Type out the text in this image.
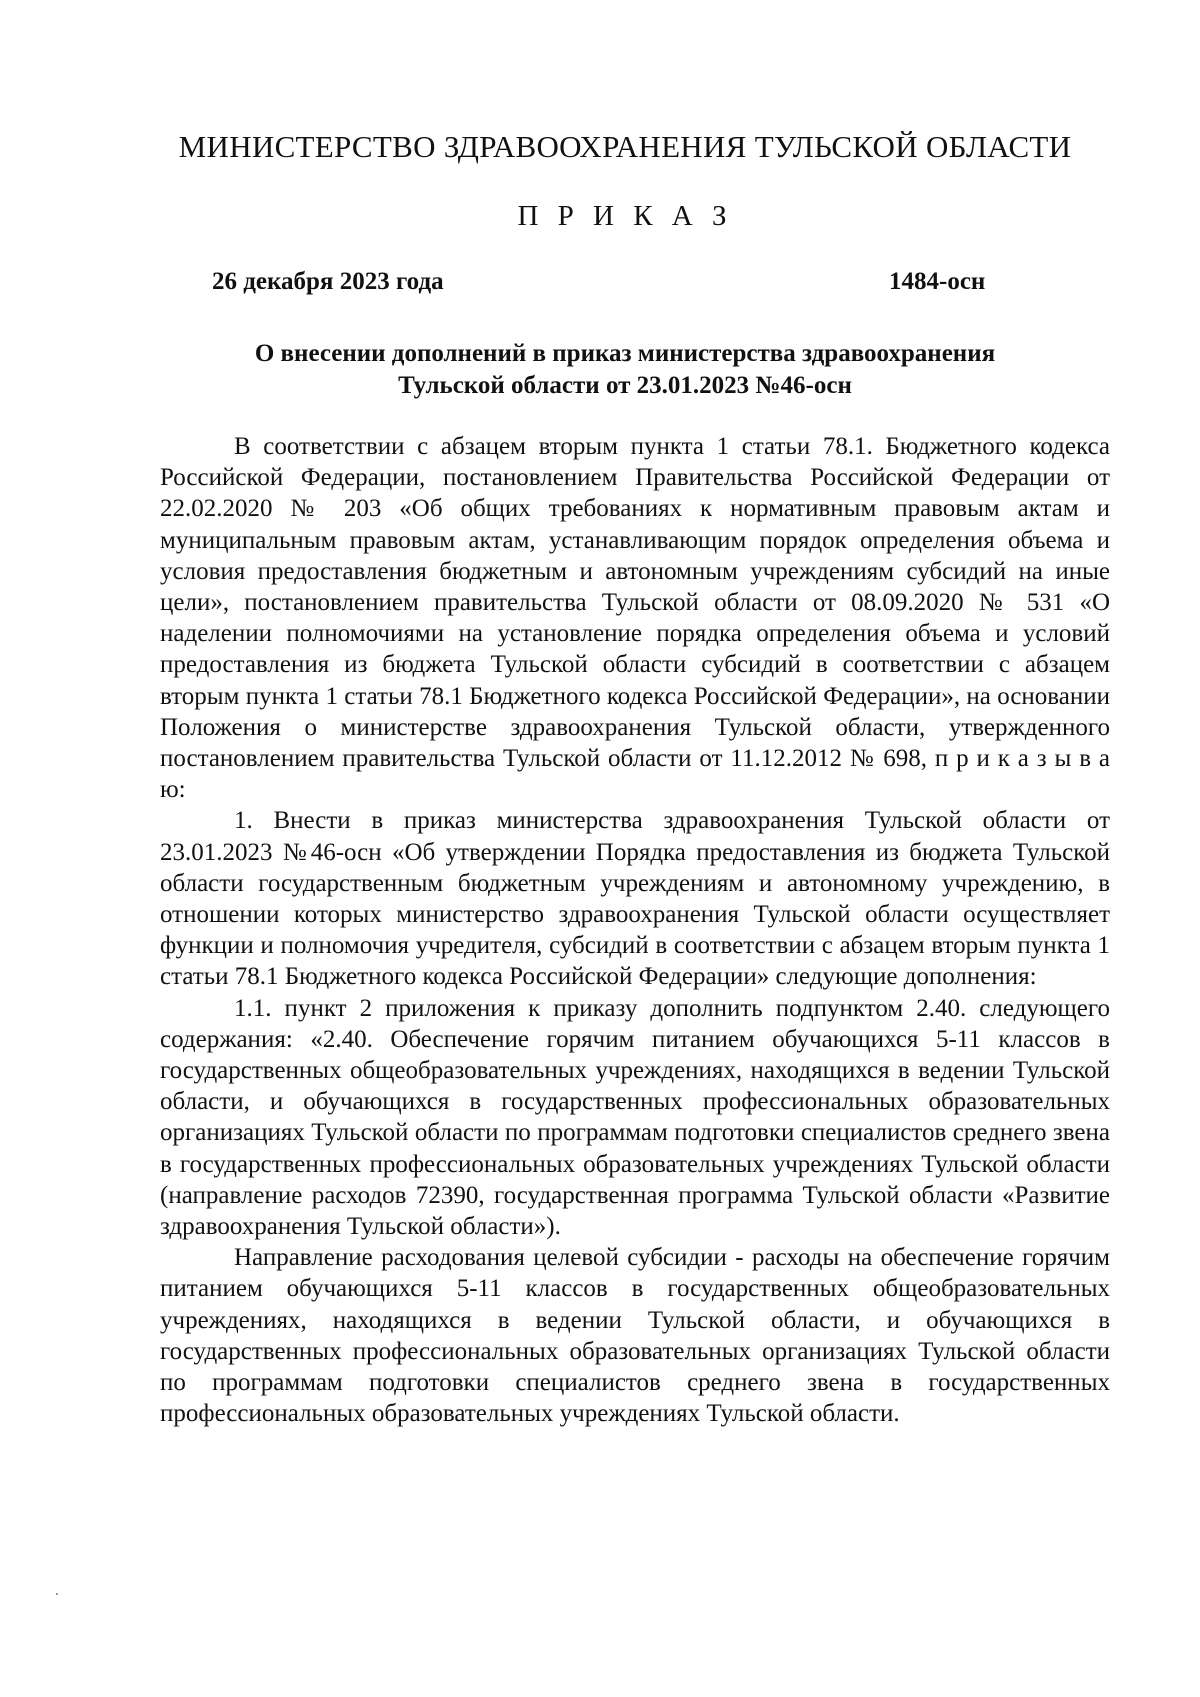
МИНИСТЕРСТВО ЗДРАВООХРАНЕНИЯ ТУЛЬСКОЙ ОБЛАСТИ
П Р И К А З
26 декабря 2023 года	1484-осн
О внесении дополнений в приказ министерства здравоохранения
Тульской области от 23.01.2023 №46-осн

В соответствии с абзацем вторым пункта 1 статьи 78.1. Бюджетного кодекса Российской Федерации, постановлением Правительства Российской Федерации от 22.02.2020 № 203 «Об общих требованиях к нормативным правовым актам и муниципальным правовым актам, устанавливающим порядок определения объема и условия предоставления бюджетным и автономным учреждениям субсидий на иные цели», постановлением правительства Тульской области от 08.09.2020 № 531 «О наделении полномочиями на установление порядка определения объема и условий предоставления из бюджета Тульской области субсидий в соответствии с абзацем вторым пункта 1 статьи 78.1 Бюджетного кодекса Российской Федерации», на основании Положения о министерстве здравоохранения Тульской области, утвержденного постановлением правительства Тульской области от 11.12.2012 № 698, п р и к а з ы в а ю:

1. Внести в приказ министерства здравоохранения Тульской области от 23.01.2023 №46-осн «Об утверждении Порядка предоставления из бюджета Тульской области государственным бюджетным учреждениям и автономному учреждению, в отношении которых министерство здравоохранения Тульской области осуществляет функции и полномочия учредителя, субсидий в соответствии с абзацем вторым пункта 1 статьи 78.1 Бюджетного кодекса Российской Федерации» следующие дополнения:

1.1. пункт 2 приложения к приказу дополнить подпунктом 2.40. следующего содержания: «2.40. Обеспечение горячим питанием обучающихся 5-11 классов в государственных общеобразовательных учреждениях, находящихся в ведении Тульской области, и обучающихся в государственных профессиональных образовательных организациях Тульской области по программам подготовки специалистов среднего звена в государственных профессиональных образовательных учреждениях Тульской области (направление расходов 72390, государственная программа Тульской области «Развитие здравоохранения Тульской области»).

Направление расходования целевой субсидии - расходы на обеспечение горячим питанием обучающихся 5-11 классов в государственных общеобразовательных учреждениях, находящихся в ведении Тульской области, и обучающихся в государственных профессиональных образовательных организациях Тульской области по программам подготовки специалистов среднего звена в государственных профессиональных образовательных учреждениях Тульской области.
